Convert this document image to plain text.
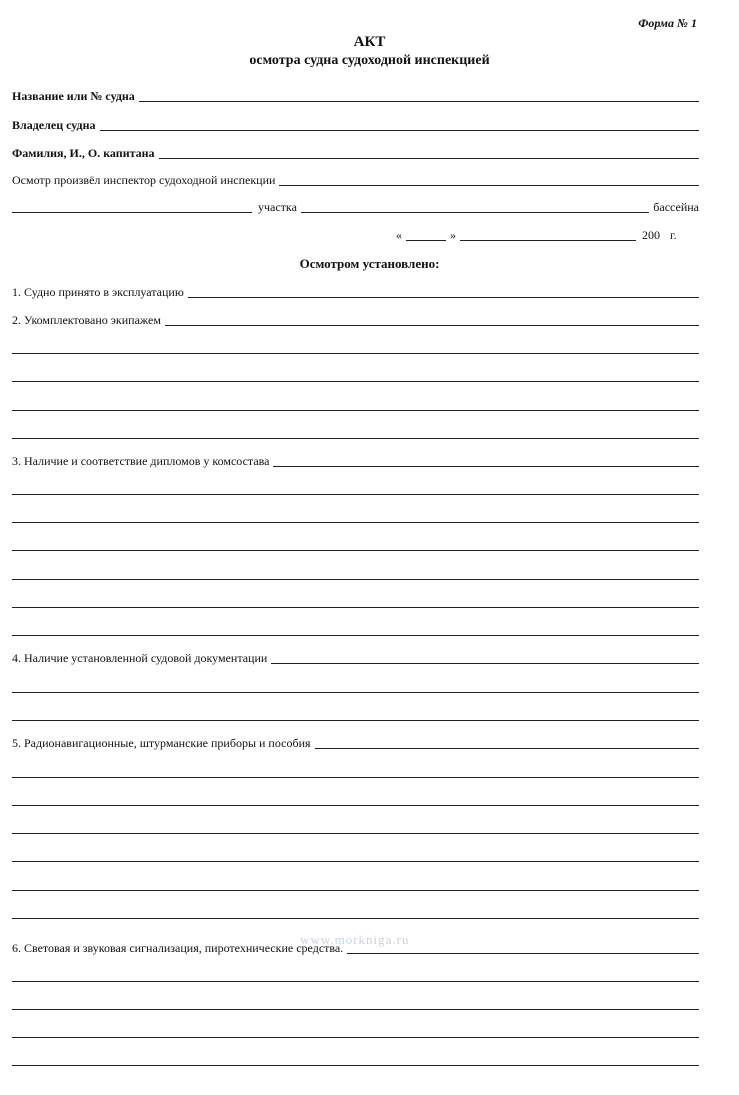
Форма № 1
АКТ
осмотра судна судоходной инспекцией
Название или № судна
Владелец судна
Фамилия, И., О. капитана
Осмотр произвёл инспектор судоходной инспекции
участка	бассейна
«	»	200 г.
Осмотром установлено:
1. Судно принято в эксплуатацию
2. Укомплектовано экипажем
3. Наличие и соответствие дипломов у комсостава
4. Наличие установленной судовой документации
5. Радионавигационные, штурманские приборы и пособия
www.morkniga.ru
6. Световая и звуковая сигнализация, пиротехнические средства.
